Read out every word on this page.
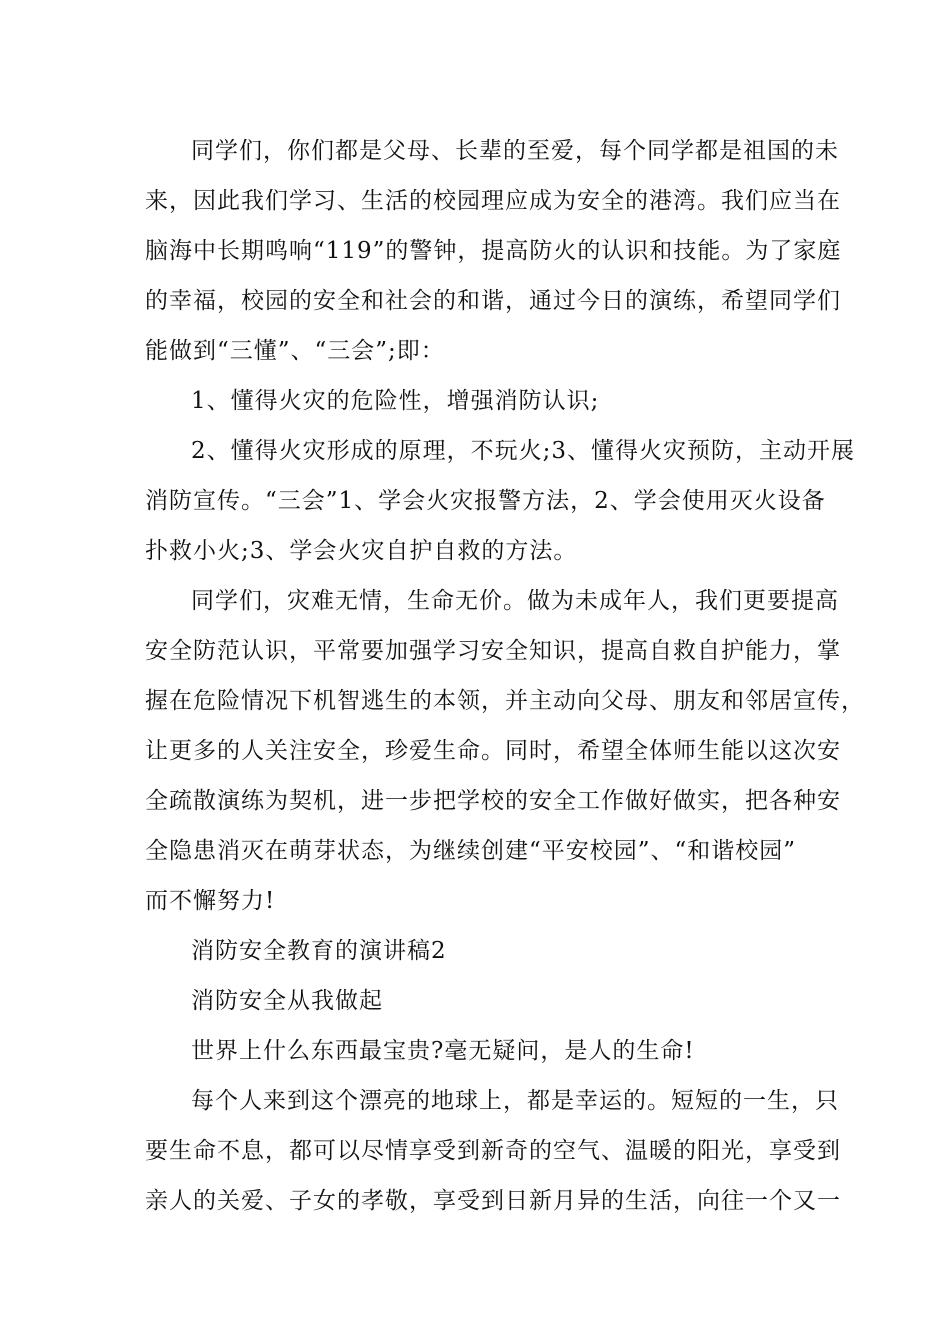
同学们，你们都是父母、长辈的至爱，每个同学都是祖国的未
来，因此我们学习、生活的校园理应成为安全的港湾。我们应当在
脑海中长期鸣响“119”的警钟，提高防火的认识和技能。为了家庭
的幸福，校园的安全和社会的和谐，通过今日的演练，希望同学们
能做到“三懂”、“三会”;即：
1、懂得火灾的危险性，增强消防认识;
2、懂得火灾形成的原理，不玩火;3、懂得火灾预防，主动开展
消防宣传。“三会”1、学会火灾报警方法，2、学会使用灭火设备
扑救小火;3、学会火灾自护自救的方法。
同学们，灾难无情，生命无价。做为未成年人，我们更要提高
安全防范认识，平常要加强学习安全知识，提高自救自护能力，掌
握在危险情况下机智逃生的本领，并主动向父母、朋友和邻居宣传，
让更多的人关注安全，珍爱生命。同时，希望全体师生能以这次安
全疏散演练为契机，进一步把学校的安全工作做好做实，把各种安
全隐患消灭在萌芽状态，为继续创建“平安校园”、“和谐校园”
而不懈努力!
消防安全教育的演讲稿2
消防安全从我做起
世界上什么东西最宝贵?毫无疑问，是人的生命!
每个人来到这个漂亮的地球上，都是幸运的。短短的一生，只
要生命不息，都可以尽情享受到新奇的空气、温暖的阳光，享受到
亲人的关爱、子女的孝敬，享受到日新月异的生活，向往一个又一
